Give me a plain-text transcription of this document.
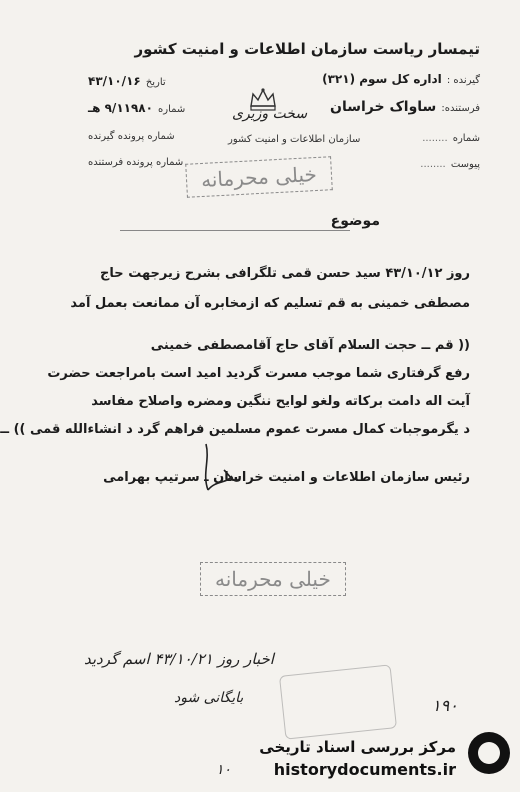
تیمسار ریاست سازمان اطلاعات و امنیت کشور
گیرنده : اداره کل سوم (۳۲۱)
فرستنده: ساواک خراسان
شماره ........
پیوست ........
تاریخ ۴۳/۱۰/۱۶
شماره ۹/۱۱۹۸۰ هـ
شماره پرونده گیرنده
شماره پرونده فرستنده
سخت وزیری
سازمان اطلاعات و امنیت کشور
خیلی محرمانه
موضوع
روز ۴۳/۱۰/۱۲ سید حسن قمی تلگرافی بشرح زیرجهت حاج
مصطفی خمینی به قم تسلیم که ازمخابره آن ممانعت بعمل آمد
(( قم ــ حجت السلام آقای حاج آقامصطفی خمینی
رفع گرفتاری شما موجب مسرت گردید امید است بامراجعت حضرت
آیت اله دامت برکاته ولغو لوایح ننگین ومضره واصلاح مفاسد
د یگرموجبات کمال مسرت عموم مسلمین فراهم گرد د انشاءالله قمی )) ــ
رئیس سازمان اطلاعات و امنیت خراسان ـ سرتیپ بهرامی
خیلی محرمانه
اخبار روز ۴۳/۱۰/۲۱ اسم گردید
بایگانی شود	۱۹۰
۱۰
مرکز بررسی اسناد تاریخی
historydocuments.ir
